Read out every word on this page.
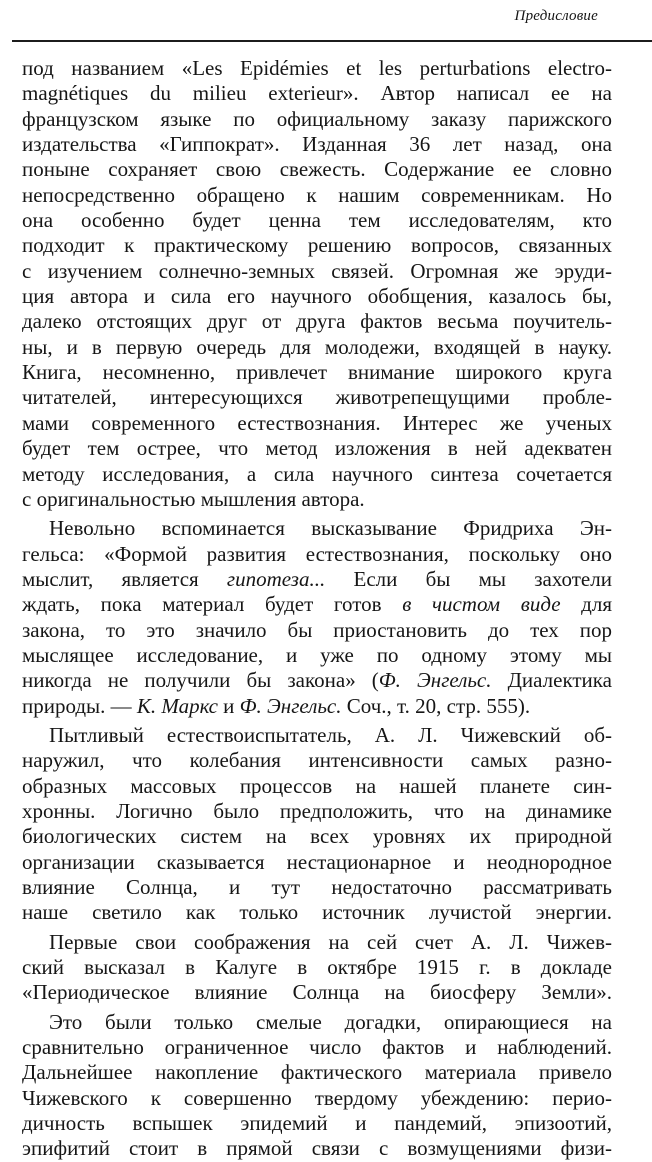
Предисловие
под названием «Les Epidémies et les perturbations electro-
magnétiques du milieu exterieur». Автор написал ее на
французском языке по официальному заказу парижского
издательства «Гиппократ». Изданная 36 лет назад, она
поныне сохраняет свою свежесть. Содержание ее словно
непосредственно обращено к нашим современникам. Но
она особенно будет ценна тем исследователям, кто
подходит к практическому решению вопросов, связанных
с изучением солнечно-земных связей. Огромная же эруди-
ция автора и сила его научного обобщения, казалось бы,
далеко отстоящих друг от друга фактов весьма поучитель-
ны, и в первую очередь для молодежи, входящей в науку.
Книга, несомненно, привлечет внимание широкого круга
читателей, интересующихся животрепещущими пробле-
мами современного естествознания. Интерес же ученых
будет тем острее, что метод изложения в ней адекватен
методу исследования, а сила научного синтеза сочетается
с оригинальностью мышления автора.
Невольно вспоминается высказывание Фридриха Эн-
гельса: «Формой развития естествознания, поскольку оно
мыслит, является гипотеза... Если бы мы захотели
ждать, пока материал будет готов в чистом виде для
закона, то это значило бы приостановить до тех пор
мыслящее исследование, и уже по одному этому мы
никогда не получили бы закона» (Ф. Энгельс. Диалектика
природы. — К. Маркс и Ф. Энгельс. Соч., т. 20, стр. 555).
Пытливый естествоиспытатель, А. Л. Чижевский об-
наружил, что колебания интенсивности самых разно-
образных массовых процессов на нашей планете син-
хронны. Логично было предположить, что на динамике
биологических систем на всех уровнях их природной
организации сказывается нестационарное и неоднородное
влияние Солнца, и тут недостаточно рассматривать
наше светило как только источник лучистой энергии.
Первые свои соображения на сей счет А. Л. Чижев-
ский высказал в Калуге в октябре 1915 г. в докладе
«Периодическое влияние Солнца на биосферу Земли».
Это были только смелые догадки, опирающиеся на
сравнительно ограниченное число фактов и наблюдений.
Дальнейшее накопление фактического материала привело
Чижевского к совершенно твердому убеждению: перио-
дичность вспышек эпидемий и пандемий, эпизоотий,
эпифитий стоит в прямой связи с возмущениями физи-
